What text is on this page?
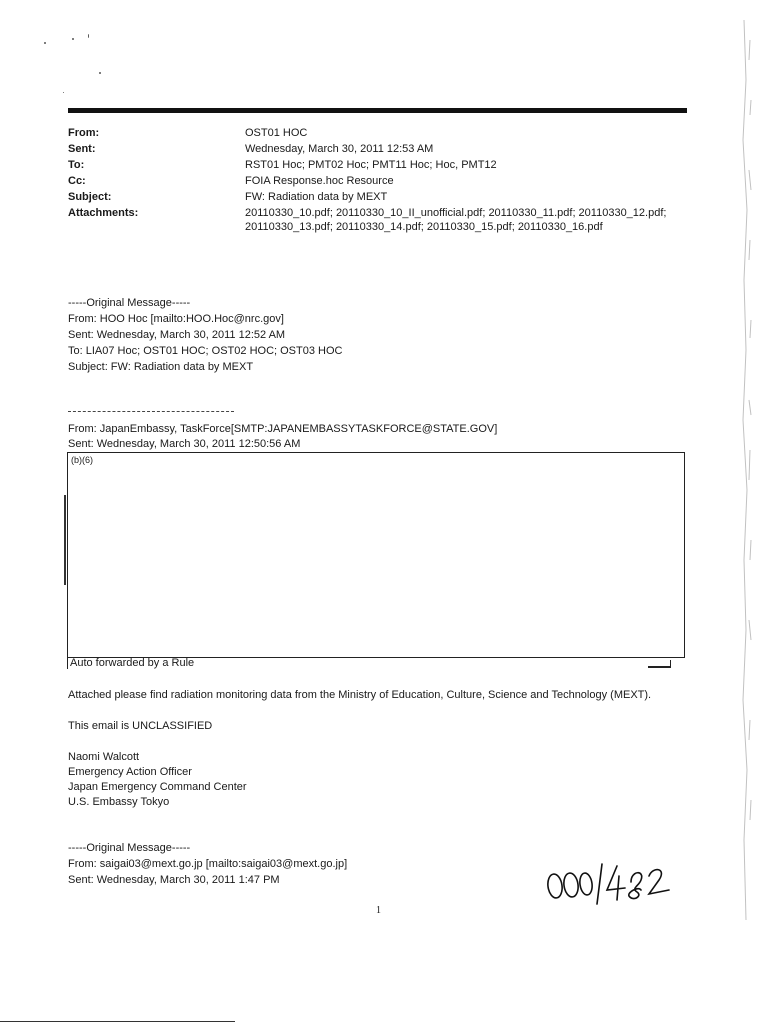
From:	OST01 HOC
Sent:	Wednesday, March 30, 2011 12:53 AM
To:	RST01 Hoc; PMT02 Hoc; PMT11 Hoc; Hoc, PMT12
Cc:	FOIA Response.hoc Resource
Subject:	FW: Radiation data by MEXT
Attachments:	20110330_10.pdf; 20110330_10_II_unofficial.pdf; 20110330_11.pdf; 20110330_12.pdf;
20110330_13.pdf; 20110330_14.pdf; 20110330_15.pdf; 20110330_16.pdf
-----Original Message-----
From: HOO Hoc [mailto:HOO.Hoc@nrc.gov]
Sent: Wednesday, March 30, 2011 12:52 AM
To: LIA07 Hoc; OST01 HOC; OST02 HOC; OST03 HOC
Subject: FW: Radiation data by MEXT
From: JapanEmbassy, TaskForce[SMTP:JAPANEMBASSYTASKFORCE@STATE.GOV]
Sent: Wednesday, March 30, 2011 12:50:56 AM
(b)(6)
Auto forwarded by a Rule
Attached please find radiation monitoring data from the Ministry of Education, Culture, Science and Technology (MEXT).
This email is UNCLASSIFIED
Naomi Walcott
Emergency Action Officer
Japan Emergency Command Center
U.S. Embassy Tokyo
-----Original Message-----
From: saigai03@mext.go.jp [mailto:saigai03@mext.go.jp]
Sent: Wednesday, March 30, 2011 1:47 PM
1
